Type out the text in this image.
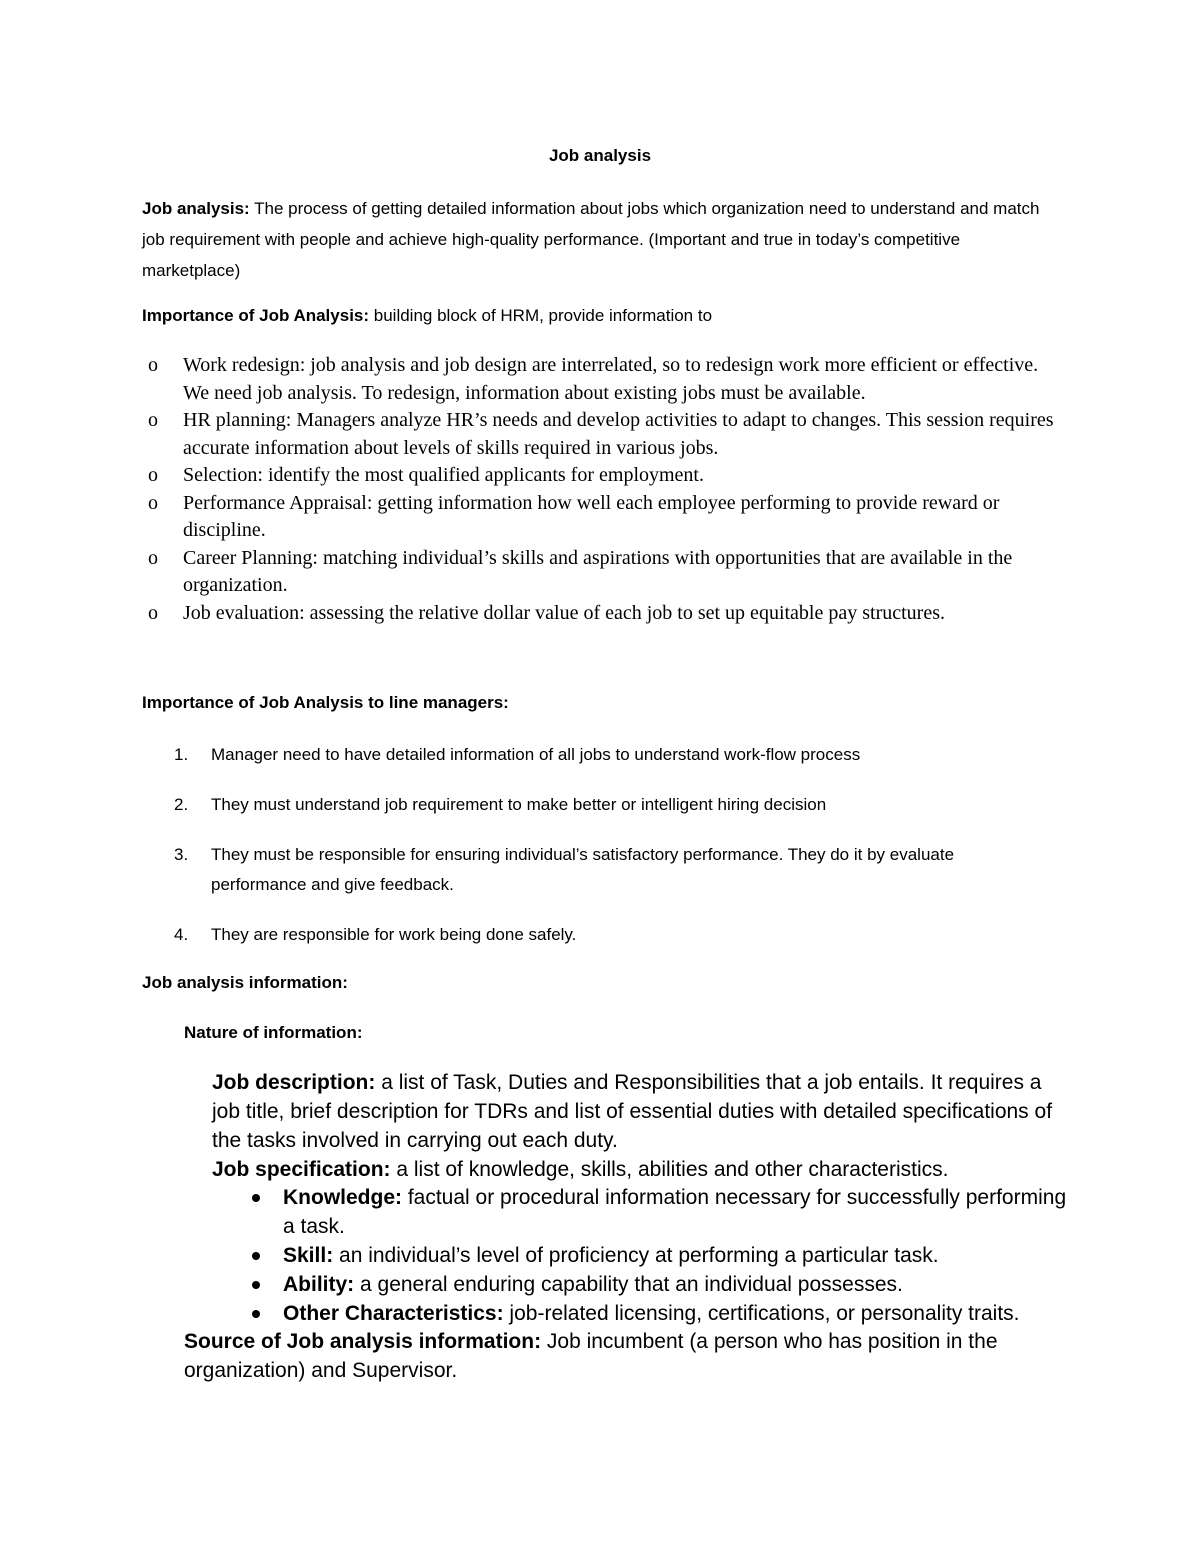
Job analysis

Job analysis: The process of getting detailed information about jobs which organization need to understand and match job requirement with people and achieve high-quality performance. (Important and true in today’s competitive marketplace)

Importance of Job Analysis: building block of HRM, provide information to

o Work redesign: job analysis and job design are interrelated, so to redesign work more efficient or effective. We need job analysis. To redesign, information about existing jobs must be available.
o HR planning: Managers analyze HR’s needs and develop activities to adapt to changes. This session requires accurate information about levels of skills required in various jobs.
o Selection: identify the most qualified applicants for employment.
o Performance Appraisal: getting information how well each employee performing to provide reward or discipline.
o Career Planning: matching individual’s skills and aspirations with opportunities that are available in the organization.
o Job evaluation: assessing the relative dollar value of each job to set up equitable pay structures.
Importance of Job Analysis to line managers:
1. Manager need to have detailed information of all jobs to understand work-flow process
2. They must understand job requirement to make better or intelligent hiring decision
3. They must be responsible for ensuring individual’s satisfactory performance. They do it by evaluate performance and give feedback.
4. They are responsible for work being done safely.
Job analysis information:
Nature of information:
Job description: a list of Task, Duties and Responsibilities that a job entails. It requires a job title, brief description for TDRs and list of essential duties with detailed specifications of the tasks involved in carrying out each duty.
Job specification: a list of knowledge, skills, abilities and other characteristics.
Knowledge: factual or procedural information necessary for successfully performing a task.
Skill: an individual’s level of proficiency at performing a particular task.
Ability: a general enduring capability that an individual possesses.
Other Characteristics: job-related licensing, certifications, or personality traits.
Source of Job analysis information: Job incumbent (a person who has position in the organization) and Supervisor.
